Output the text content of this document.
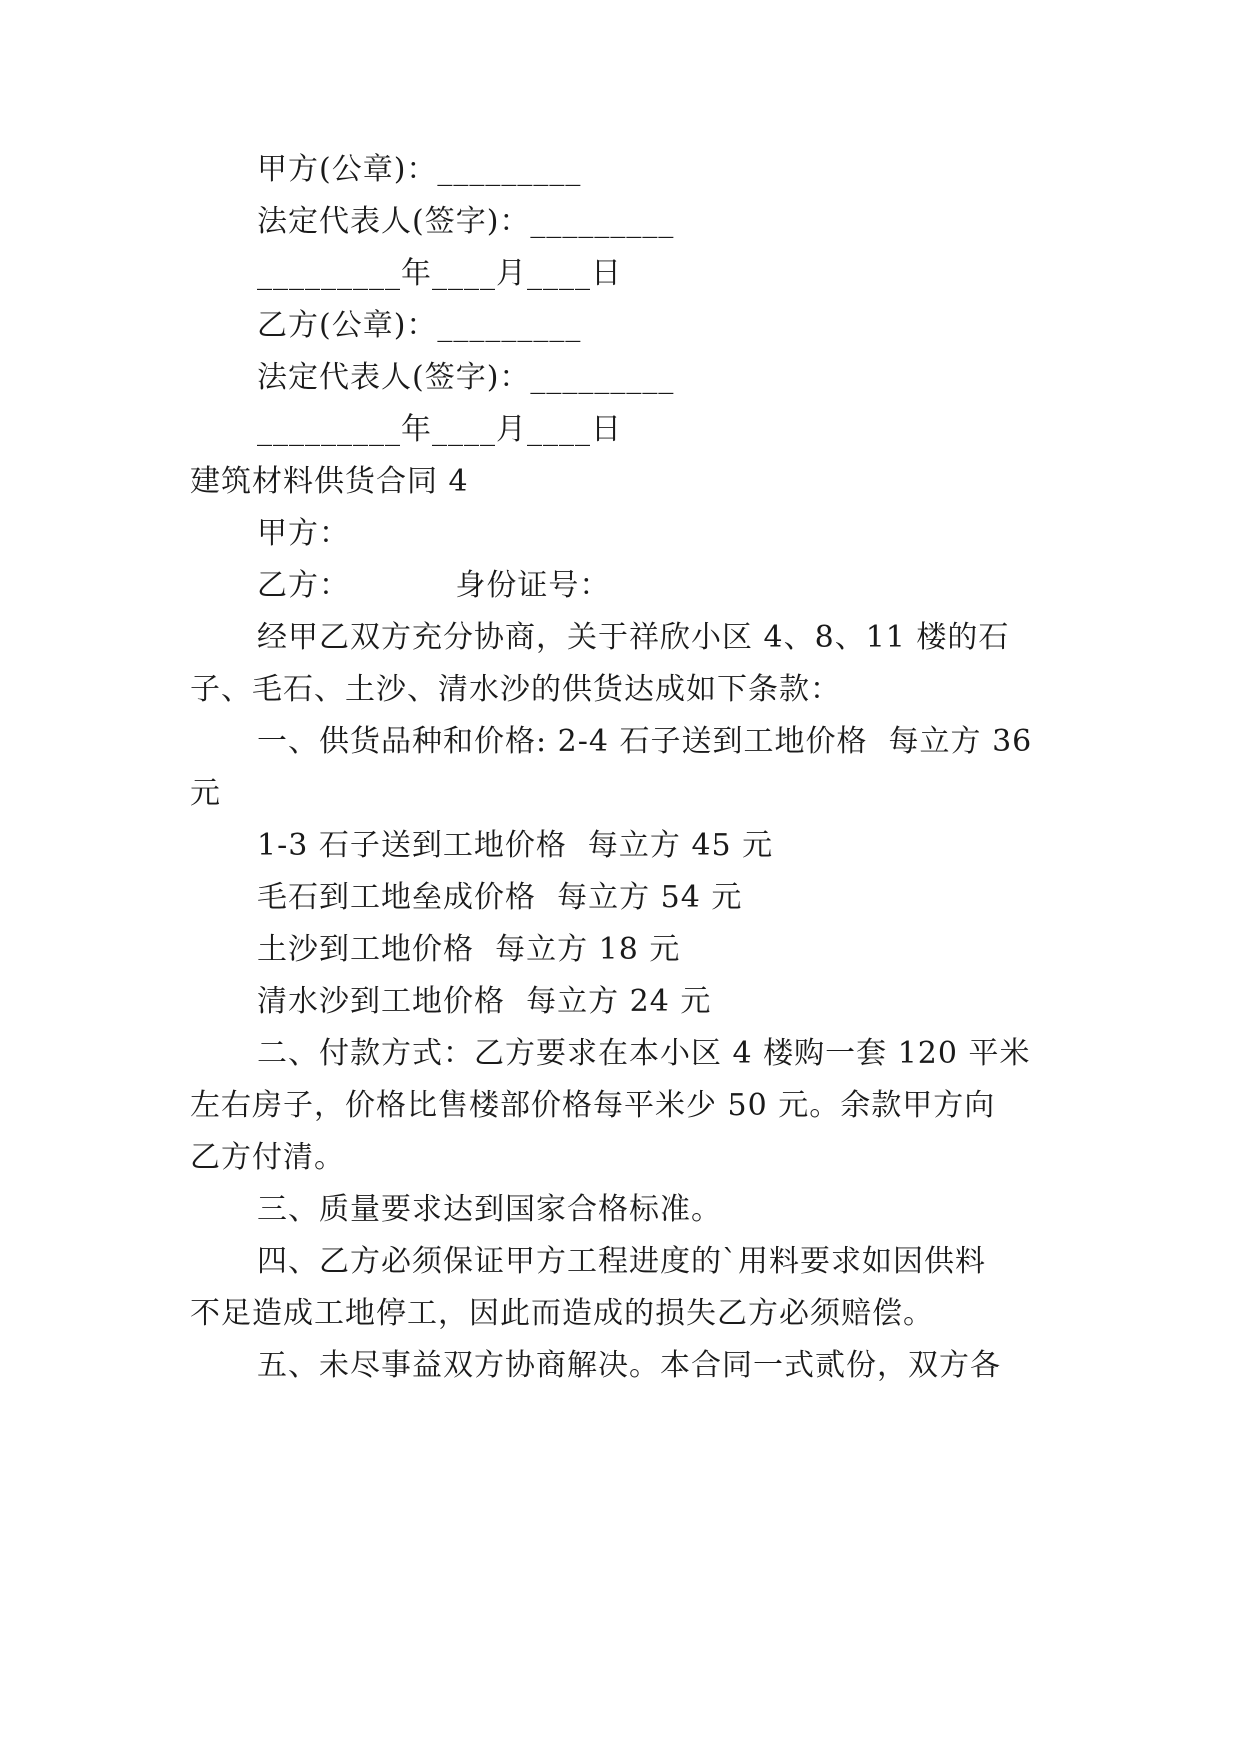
甲方(公章)：_________
法定代表人(签字)：_________
_________年____月____日
乙方(公章)：_________
法定代表人(签字)：_________
_________年____月____日
建筑材料供货合同 4
甲方：
乙方：          身份证号：
经甲乙双方充分协商，关于祥欣小区 4、8、11 楼的石
子、毛石、土沙、清水沙的供货达成如下条款：
一、供货品种和价格: 2-4 石子送到工地价格  每立方 36
元
1-3 石子送到工地价格  每立方 45 元
毛石到工地垒成价格  每立方 54 元
土沙到工地价格  每立方 18 元
清水沙到工地价格  每立方 24 元
二、付款方式：乙方要求在本小区 4 楼购一套 120 平米
左右房子，价格比售楼部价格每平米少 50 元。余款甲方向
乙方付清。
三、质量要求达到国家合格标准。
四、乙方必须保证甲方工程进度的`用料要求如因供料
不足造成工地停工，因此而造成的损失乙方必须赔偿。
五、未尽事益双方协商解决。本合同一式贰份，双方各
